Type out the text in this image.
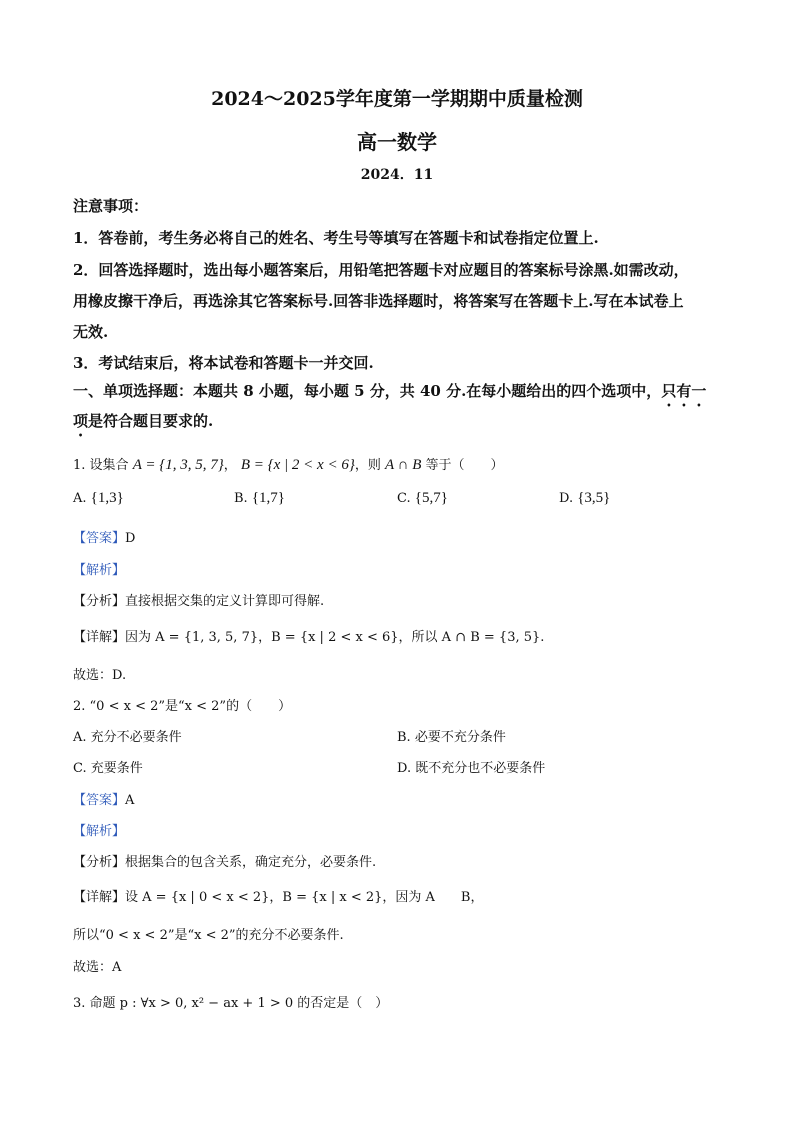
2024～2025学年度第一学期期中质量检测
高一数学
2024．11
注意事项：
1．答卷前，考生务必将自己的姓名、考生号等填写在答题卡和试卷指定位置上.
2．回答选择题时，选出每小题答案后，用铅笔把答题卡对应题目的答案标号涂黑.如需改动，
用橡皮擦干净后，再选涂其它答案标号.回答非选择题时，将答案写在答题卡上.写在本试卷上
无效.
3．考试结束后，将本试卷和答题卡一并交回.
一、单项选择题：本题共 8 小题，每小题 5 分，共 40 分.在每小题给出的四个选项中，只有一
项是符合题目要求的.
1. 设集合 A = {1, 3, 5, 7}， B = {x | 2 < x < 6}，则 A ∩ B 等于（　　）
A. {1,3}	B. {1,7}	C. {5,7}	D. {3,5}
【答案】D
【解析】
【分析】直接根据交集的定义计算即可得解.
【详解】因为 A = {1, 3, 5, 7}，B = {x | 2 < x < 6}，所以 A ∩ B = {3, 5}.
故选：D.
2. “0 < x < 2”是“x < 2”的（　　）
A. 充分不必要条件	B. 必要不充分条件
C. 充要条件	D. 既不充分也不必要条件
【答案】A
【解析】
【分析】根据集合的包含关系，确定充分，必要条件.
【详解】设 A = {x | 0 < x < 2}，B = {x | x < 2}，因为 A　　B，
所以“0 < x < 2”是“x < 2”的充分不必要条件.
故选：A
3. 命题 p : ∀x > 0, x² − ax + 1 > 0 的否定是（　）
